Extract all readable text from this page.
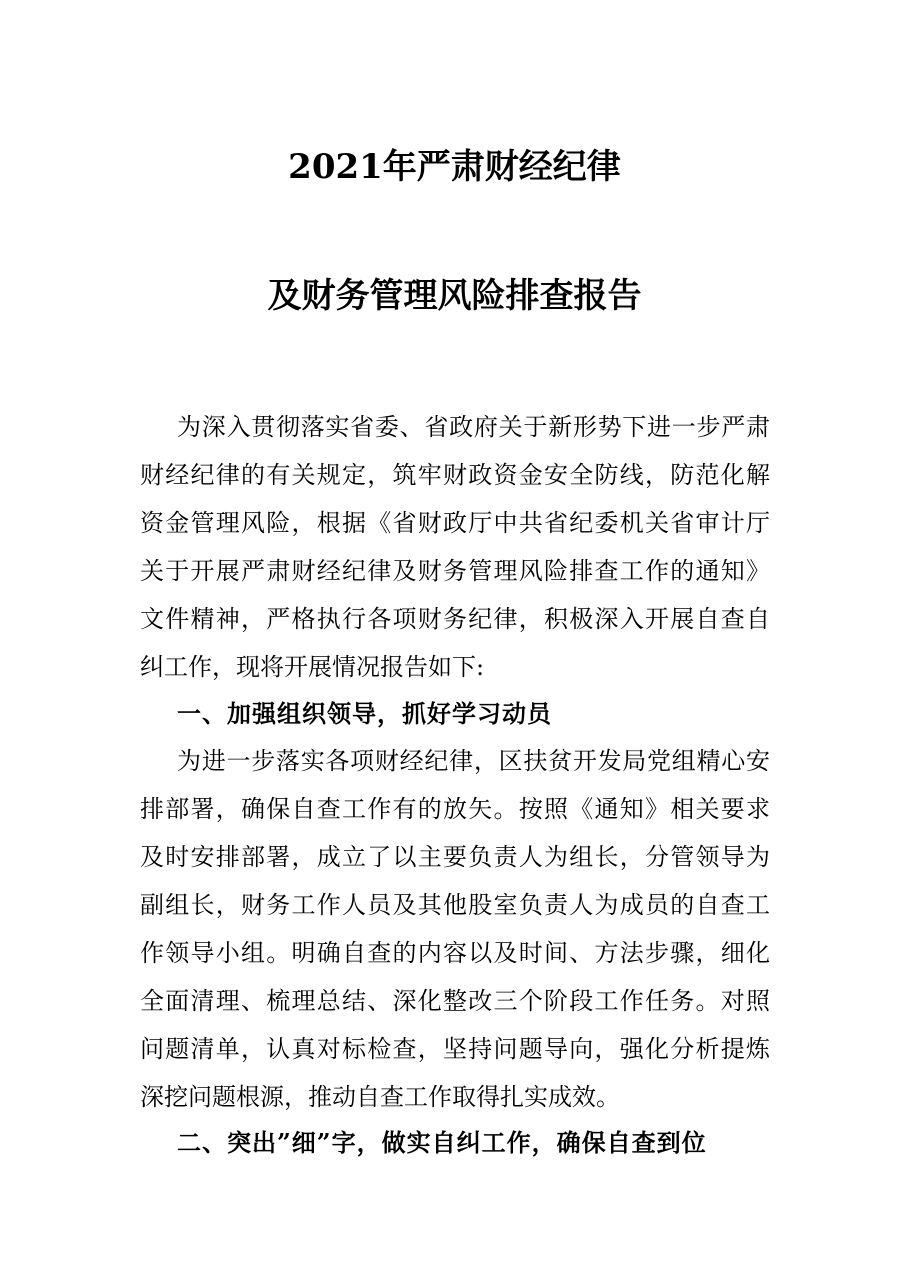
2021年严肃财经纪律
及财务管理风险排查报告
为深入贯彻落实省委、省政府关于新形势下进一步严肃
财经纪律的有关规定，筑牢财政资金安全防线，防范化解
资金管理风险，根据《省财政厅中共省纪委机关省审计厅
关于开展严肃财经纪律及财务管理风险排查工作的通知》
文件精神，严格执行各项财务纪律，积极深入开展自查自
纠工作，现将开展情况报告如下:
一、加强组织领导，抓好学习动员
为进一步落实各项财经纪律，区扶贫开发局党组精心安
排部署，确保自查工作有的放矢。按照《通知》相关要求
及时安排部署，成立了以主要负责人为组长，分管领导为
副组长，财务工作人员及其他股室负责人为成员的自查工
作领导小组。明确自查的内容以及时间、方法步骤，细化
全面清理、梳理总结、深化整改三个阶段工作任务。对照
问题清单，认真对标检查，坚持问题导向，强化分析提炼
深挖问题根源，推动自查工作取得扎实成效。
二、突出”细”字，做实自纠工作，确保自查到位
